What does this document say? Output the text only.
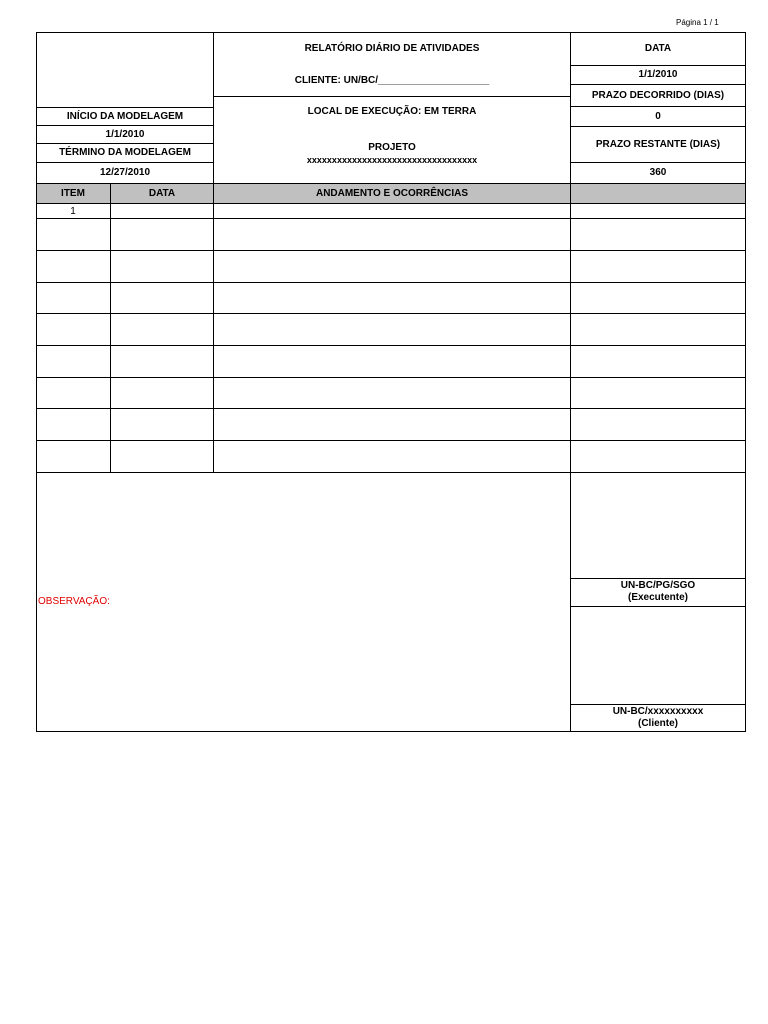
Página 1 / 1
RELATÓRIO DIÁRIO DE ATIVIDADES
CLIENTE: UN/BC/____________________
LOCAL DE EXECUÇÃO: EM TERRA
PROJETO
xxxxxxxxxxxxxxxxxxxxxxxxxxxxxxxxxx
INÍCIO DA MODELAGEM
1/1/2010
TÉRMINO DA MODELAGEM
12/27/2010
DATA
1/1/2010
PRAZO DECORRIDO (DIAS)
0
PRAZO RESTANTE (DIAS)
360
ITEM	DATA	ANDAMENTO E OCORRÊNCIAS
1
OBSERVAÇÃO:
UN-BC/PG/SGO
(Executente)
UN-BC/xxxxxxxxxx
(Cliente)
